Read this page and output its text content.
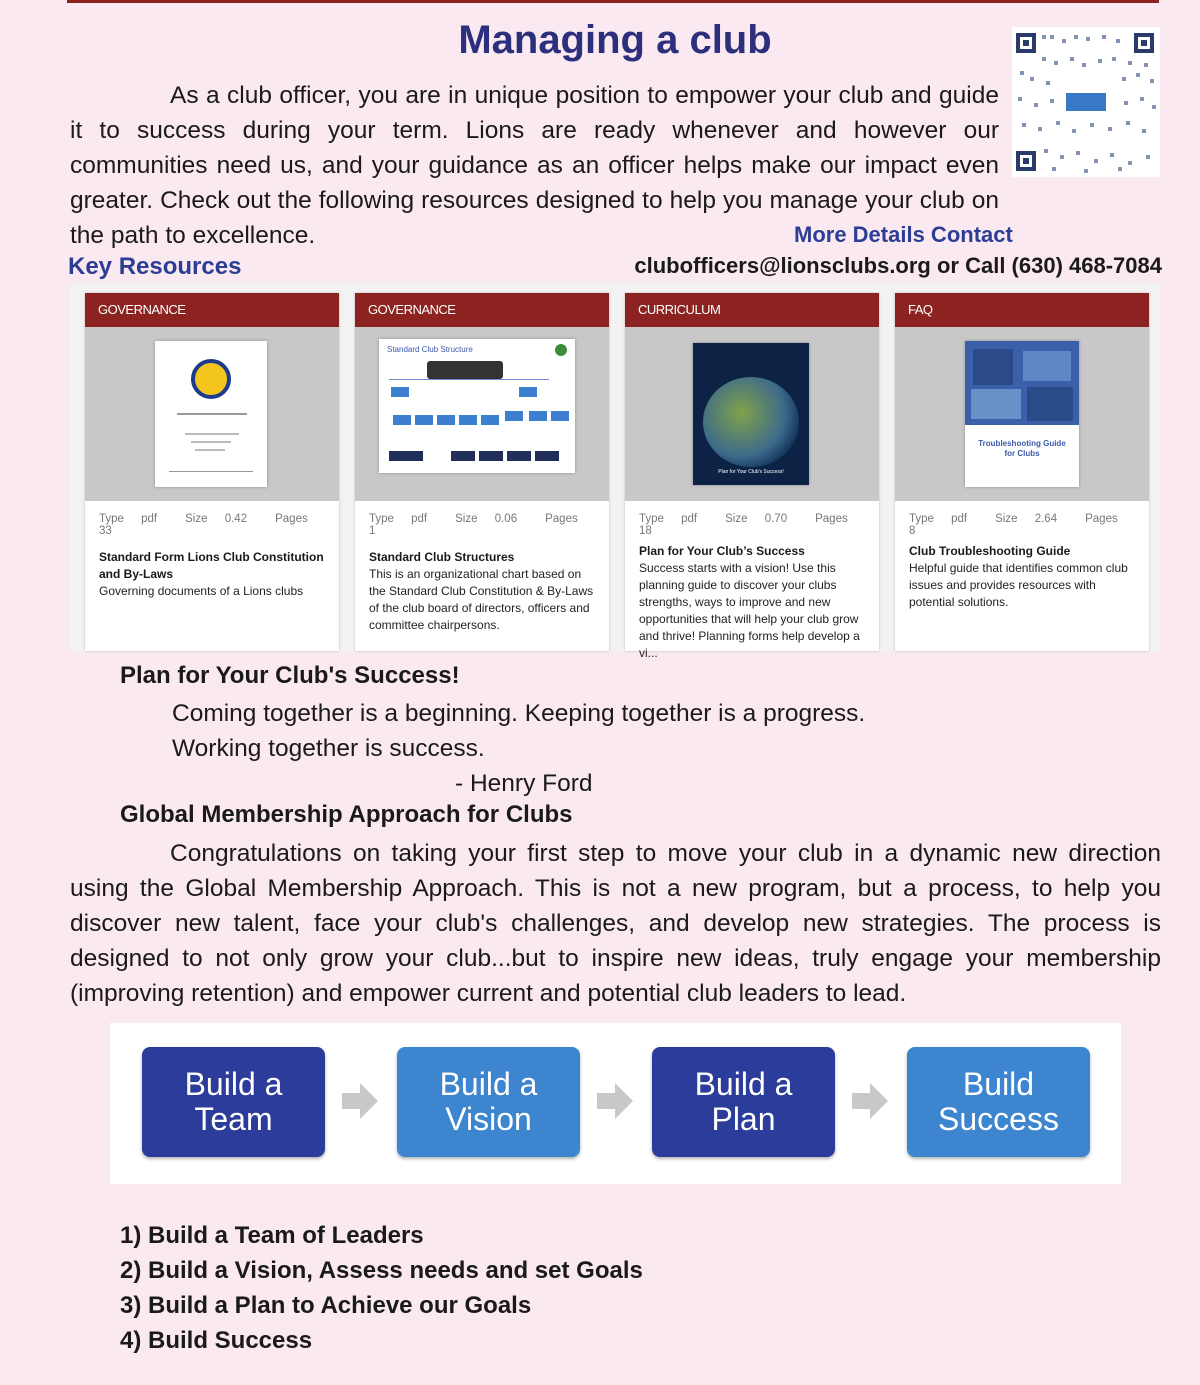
Managing a club
As a club officer, you are in unique position to empower your club and guide it to success during your term. Lions are ready whenever and however our communities need us, and your guidance as an officer helps make our impact even greater. Check out the following resources designed to help you manage your club on the path to excellence.	More Details Contact
Key Resources	clubofficers@lionsclubs.org or Call (630) 468-7084
GOVERNANCE
Type pdf Size 0.42 Pages 33
Standard Form Lions Club Constitution and By-Laws
Governing documents of a Lions clubs
GOVERNANCE
Standard Club Structure
Type pdf Size 0.06 Pages 1
Standard Club Structures
This is an organizational chart based on the Standard Club Constitution & By-Laws of the club board of directors, officers and committee chairpersons.
CURRICULUM
Plan for Your Club's Success!
Type pdf Size 0.70 Pages 18
Plan for Your Club’s Success
Success starts with a vision! Use this planning guide to discover your clubs strengths, ways to improve and new opportunities that will help your club grow and thrive! Planning forms help develop a vi...
FAQ
Troubleshooting Guide for Clubs
Type pdf Size 2.64 Pages 8
Club Troubleshooting Guide
Helpful guide that identifies common club issues and provides resources with potential solutions.
Plan for Your Club's Success!
Coming together is a beginning. Keeping together is a progress.
Working together is success.
- Henry Ford
Global Membership Approach for Clubs
Congratulations on taking your first step to move your club in a dynamic new direction using the Global Membership Approach. This is not a new program, but a process, to help you discover new talent, face your club's challenges, and develop new strategies. The process is designed to not only grow your club...but to inspire new ideas, truly engage your membership (improving retention) and empower current and potential club leaders to lead.
Build a
Team
Build a
Vision
Build a
Plan
Build
Success
1) Build a Team of Leaders
2) Build a Vision, Assess needs and set Goals
3) Build a Plan to Achieve our Goals
4) Build Success
